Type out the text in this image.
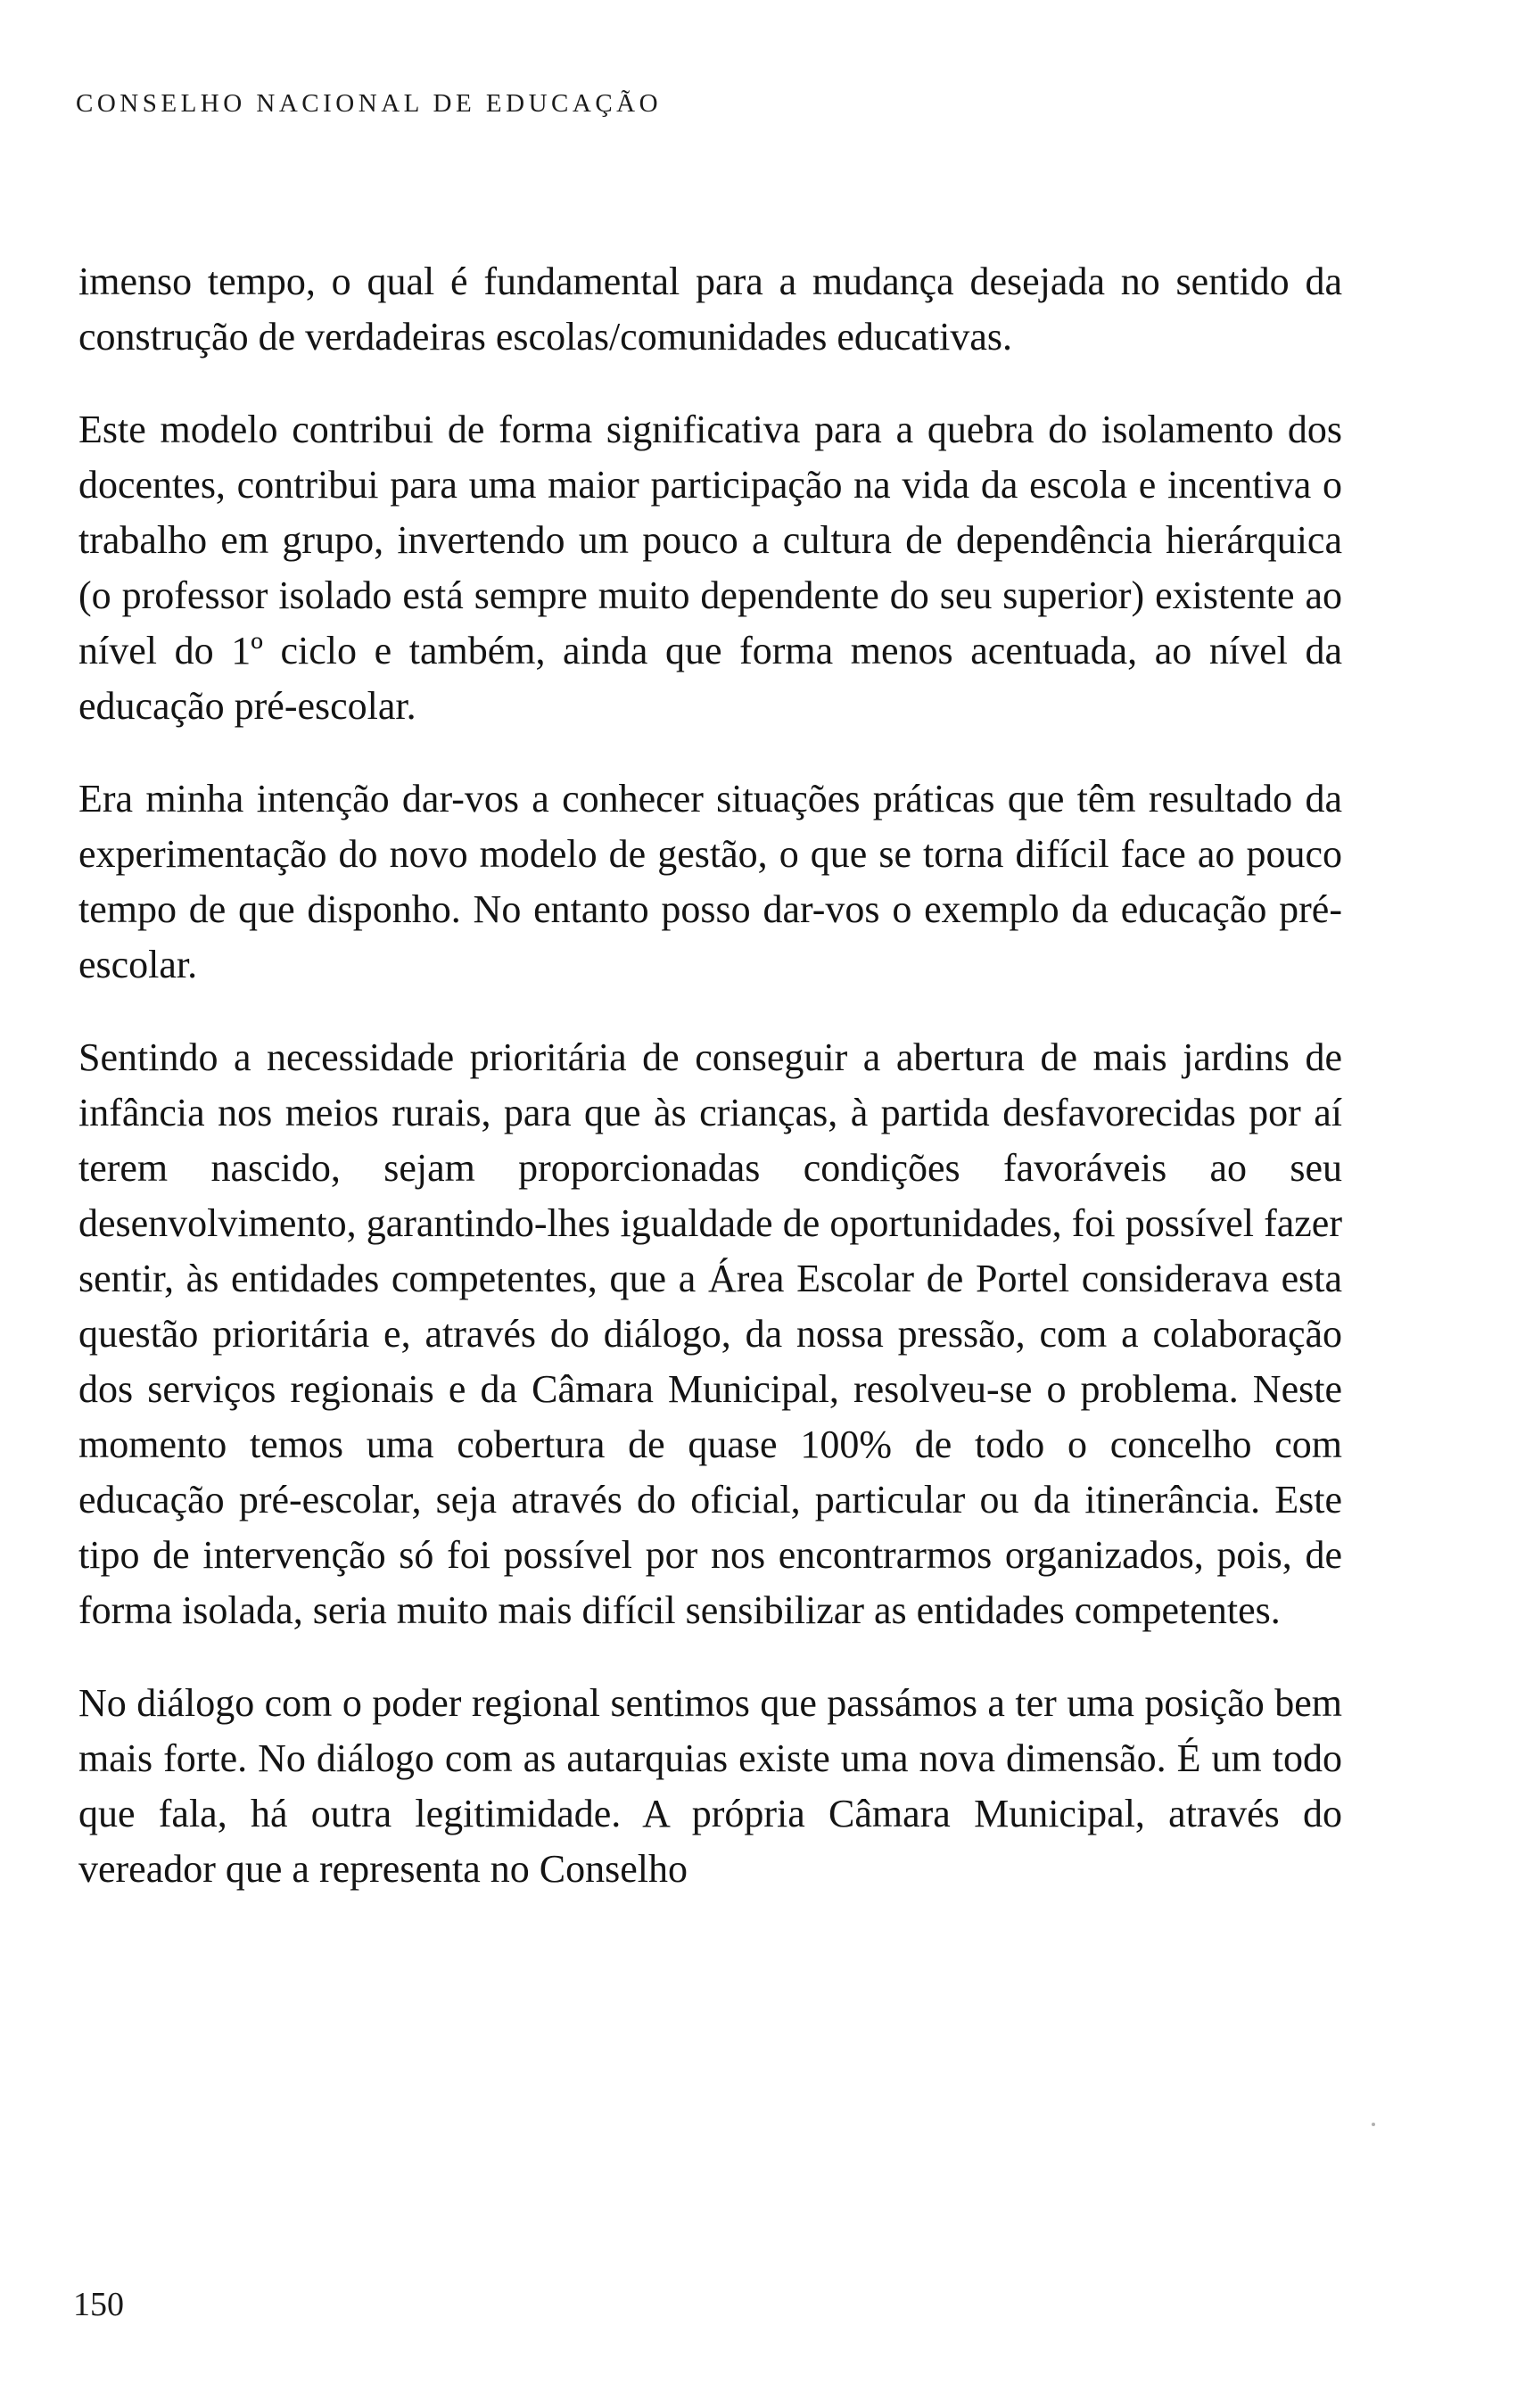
CONSELHO NACIONAL DE EDUCAÇÃO

imenso tempo, o qual é fundamental para a mudança desejada no sentido da construção de verdadeiras escolas/comunidades educativas.

Este modelo contribui de forma significativa para a quebra do isolamento dos docentes, contribui para uma maior participação na vida da escola e incentiva o trabalho em grupo, invertendo um pouco a cultura de dependência hierárquica (o professor isolado está sempre muito dependente do seu superior) existente ao nível do 1º ciclo e também, ainda que forma menos acentuada, ao nível da educação pré-escolar.

Era minha intenção dar-vos a conhecer situações práticas que têm resultado da experimentação do novo modelo de gestão, o que se torna difícil face ao pouco tempo de que disponho. No entanto posso dar-vos o exemplo da educação pré-escolar.

Sentindo a necessidade prioritária de conseguir a abertura de mais jardins de infância nos meios rurais, para que às crianças, à partida desfavorecidas por aí terem nascido, sejam proporcionadas condições favoráveis ao seu desenvolvimento, garantindo-lhes igualdade de oportunidades, foi possível fazer sentir, às entidades competentes, que a Área Escolar de Portel considerava esta questão prioritária e, através do diálogo, da nossa pressão, com a colaboração dos serviços regionais e da Câmara Municipal, resolveu-se o problema. Neste momento temos uma cobertura de quase 100% de todo o concelho com educação pré-escolar, seja através do oficial, particular ou da itinerância. Este tipo de intervenção só foi possível por nos encontrarmos organizados, pois, de forma isolada, seria muito mais difícil sensibilizar as entidades competentes.

No diálogo com o poder regional sentimos que passámos a ter uma posição bem mais forte. No diálogo com as autarquias existe uma nova dimensão. É um todo que fala, há outra legitimidade. A própria Câmara Municipal, através do vereador que a representa no Conselho

150
